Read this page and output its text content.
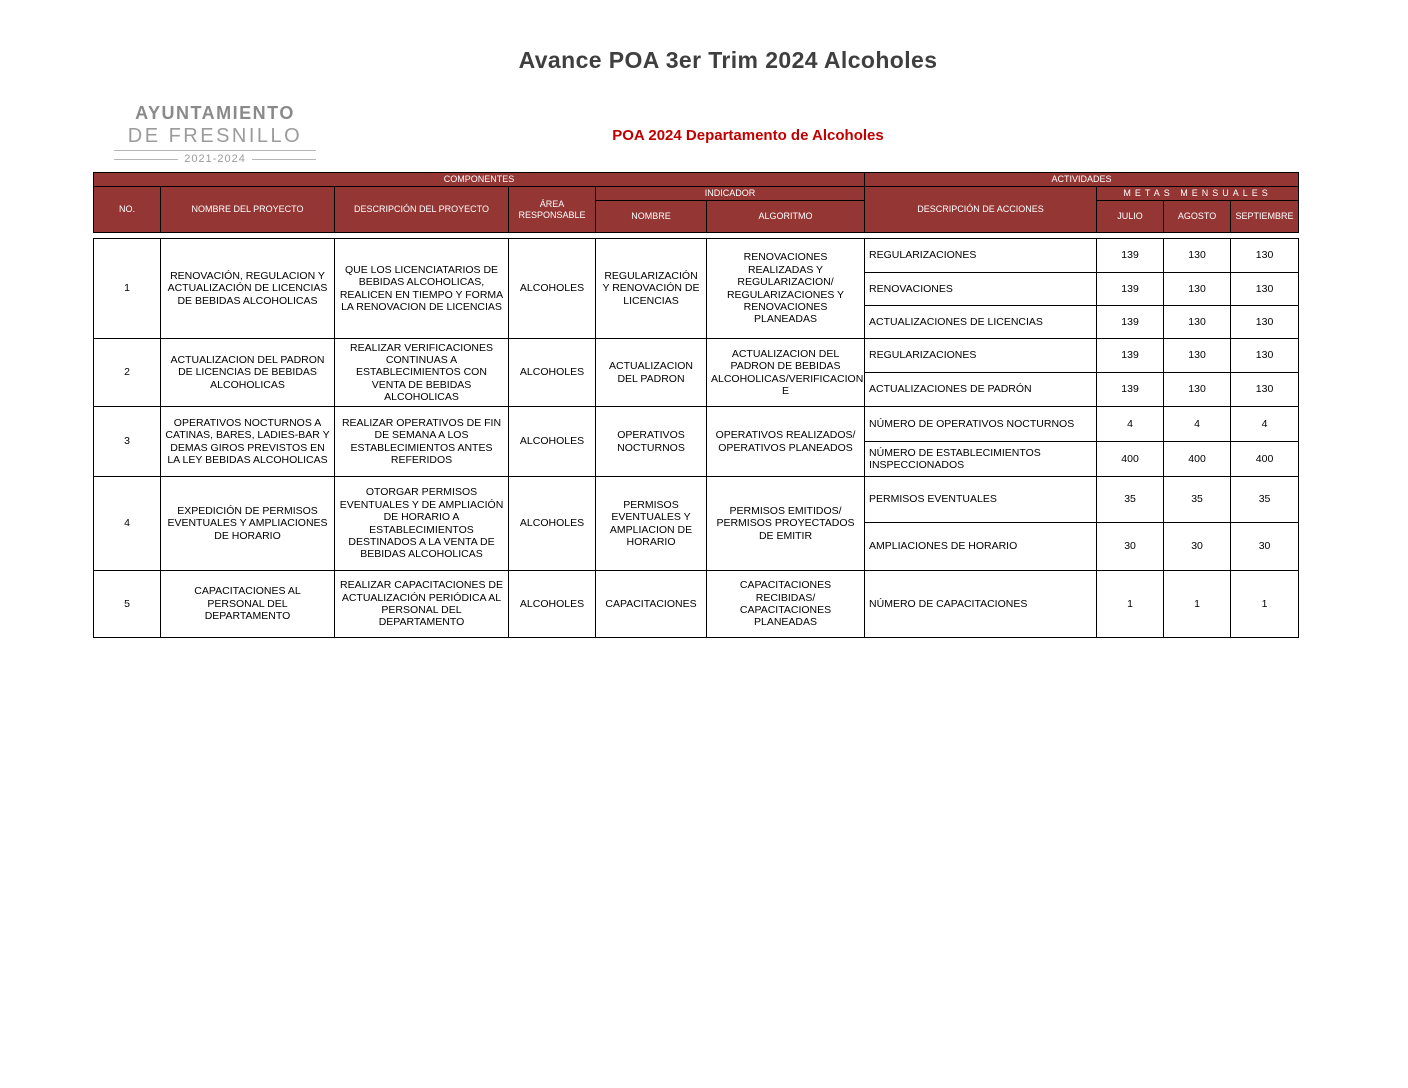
Avance POA 3er Trim 2024 Alcoholes
AYUNTAMIENTO
DE FRESNILLO
2021-2024
POA 2024 Departamento de Alcoholes
COMPONENTES						ACTIVIDADES			
NO.	NOMBRE DEL PROYECTO	DESCRIPCIÓN DEL PROYECTO	ÁREA RESPONSABLE	INDICADOR		DESCRIPCIÓN DE ACCIONES	METAS MENSUALES		
				NOMBRE	ALGORITMO		JULIO	AGOSTO	SEPTIEMBRE

1	RENOVACIÓN, REGULACION Y ACTUALIZACIÓN DE LICENCIAS DE BEBIDAS ALCOHOLICAS	QUE LOS LICENCIATARIOS DE BEBIDAS ALCOHOLICAS, REALICEN EN TIEMPO Y FORMA LA RENOVACION DE LICENCIAS	ALCOHOLES	REGULARIZACIÓN Y RENOVACIÓN DE LICENCIAS	RENOVACIONES REALIZADAS Y REGULARIZACION/ REGULARIZACIONES Y RENOVACIONES PLANEADAS	REGULARIZACIONES	139	130	130
						RENOVACIONES	139	130	130
						ACTUALIZACIONES DE LICENCIAS	139	130	130
2	ACTUALIZACION DEL PADRON DE LICENCIAS DE BEBIDAS ALCOHOLICAS	REALIZAR VERIFICACIONES CONTINUAS A ESTABLECIMIENTOS CON VENTA DE BEBIDAS ALCOHOLICAS	ALCOHOLES	ACTUALIZACION DEL PADRON	ACTUALIZACION DEL PADRON DE BEBIDAS ALCOHOLICAS/VERIFICACION E	REGULARIZACIONES	139	130	130
						ACTUALIZACIONES DE PADRÓN	139	130	130
3	OPERATIVOS NOCTURNOS A CATINAS, BARES, LADIES-BAR Y DEMAS GIROS PREVISTOS EN LA LEY BEBIDAS ALCOHOLICAS	REALIZAR OPERATIVOS DE FIN DE SEMANA A LOS ESTABLECIMIENTOS ANTES REFERIDOS	ALCOHOLES	OPERATIVOS NOCTURNOS	OPERATIVOS REALIZADOS/ OPERATIVOS PLANEADOS	NÚMERO DE OPERATIVOS NOCTURNOS	4	4	4
						NÚMERO DE ESTABLECIMIENTOS INSPECCIONADOS	400	400	400
4	EXPEDICIÓN DE PERMISOS EVENTUALES Y AMPLIACIONES DE HORARIO	OTORGAR PERMISOS EVENTUALES Y DE AMPLIACIÓN DE HORARIO A ESTABLECIMIENTOS DESTINADOS A LA VENTA DE BEBIDAS ALCOHOLICAS	ALCOHOLES	PERMISOS EVENTUALES Y AMPLIACION DE HORARIO	PERMISOS EMITIDOS/ PERMISOS PROYECTADOS DE EMITIR	PERMISOS EVENTUALES	35	35	35
						AMPLIACIONES DE HORARIO	30	30	30
5	CAPACITACIONES AL PERSONAL DEL DEPARTAMENTO	REALIZAR CAPACITACIONES DE ACTUALIZACIÓN PERIÓDICA AL PERSONAL DEL DEPARTAMENTO	ALCOHOLES	CAPACITACIONES	CAPACITACIONES RECIBIDAS/ CAPACITACIONES PLANEADAS	NÚMERO DE CAPACITACIONES	1	1	1
